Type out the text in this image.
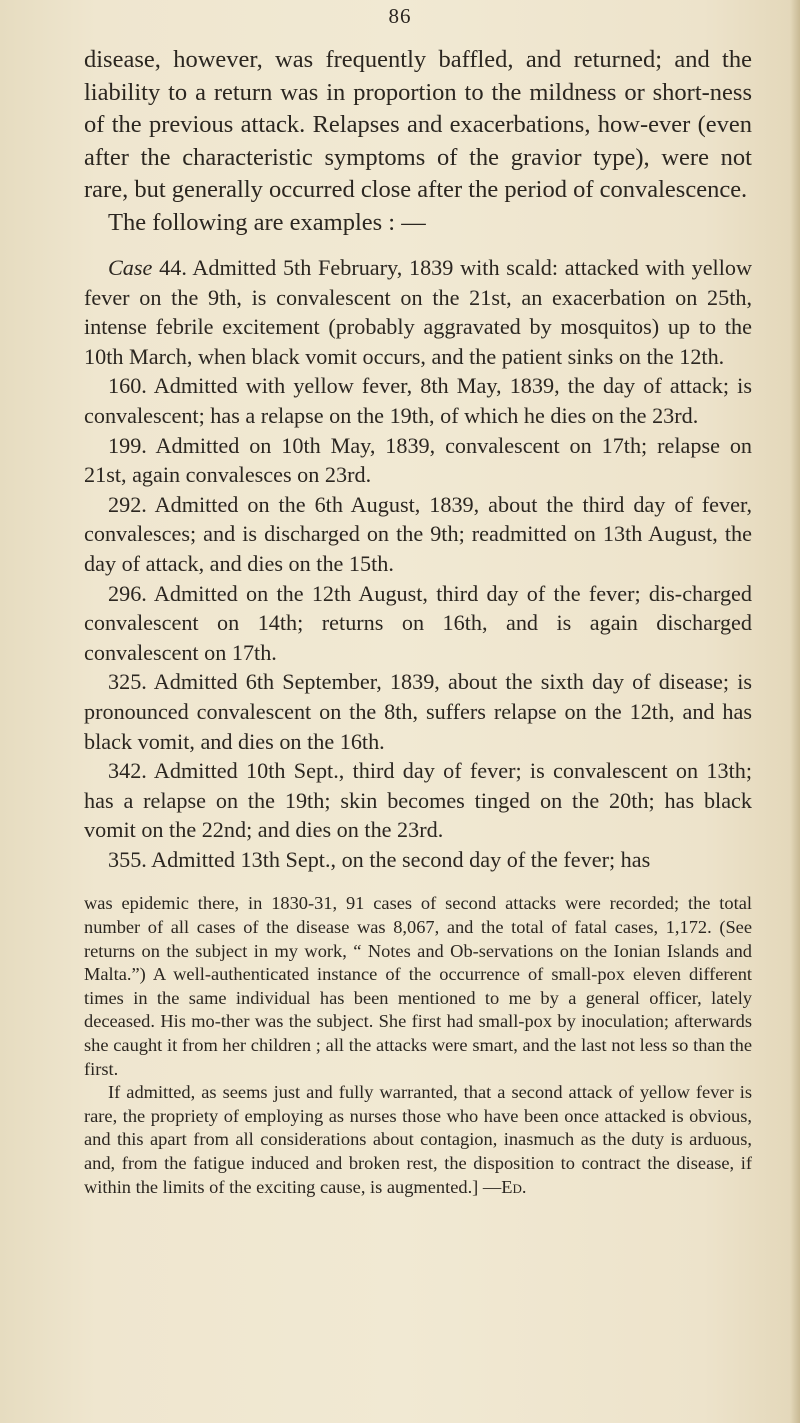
86

disease, however, was frequently baffled, and returned; and the liability to a return was in proportion to the mildness or short-ness of the previous attack. Relapses and exacerbations, how-ever (even after the characteristic symptoms of the gravior type), were not rare, but generally occurred close after the period of convalescence.

The following are examples : —

Case 44. Admitted 5th February, 1839 with scald: attacked with yellow fever on the 9th, is convalescent on the 21st, an exacerbation on 25th, intense febrile excitement (probably aggravated by mosquitos) up to the 10th March, when black vomit occurs, and the patient sinks on the 12th.

160. Admitted with yellow fever, 8th May, 1839, the day of attack; is convalescent; has a relapse on the 19th, of which he dies on the 23rd.

199. Admitted on 10th May, 1839, convalescent on 17th; relapse on 21st, again convalesces on 23rd.

292. Admitted on the 6th August, 1839, about the third day of fever, convalesces; and is discharged on the 9th; readmitted on 13th August, the day of attack, and dies on the 15th.

296. Admitted on the 12th August, third day of the fever; dis-charged convalescent on 14th; returns on 16th, and is again discharged convalescent on 17th.

325. Admitted 6th September, 1839, about the sixth day of disease; is pronounced convalescent on the 8th, suffers relapse on the 12th, and has black vomit, and dies on the 16th.

342. Admitted 10th Sept., third day of fever; is convalescent on 13th; has a relapse on the 19th; skin becomes tinged on the 20th; has black vomit on the 22nd; and dies on the 23rd.

355. Admitted 13th Sept., on the second day of the fever; has

was epidemic there, in 1830-31, 91 cases of second attacks were recorded; the total number of all cases of the disease was 8,067, and the total of fatal cases, 1,172. (See returns on the subject in my work, “ Notes and Ob-servations on the Ionian Islands and Malta.”) A well-authenticated instance of the occurrence of small-pox eleven different times in the same individual has been mentioned to me by a general officer, lately deceased. His mo-ther was the subject. She first had small-pox by inoculation; afterwards she caught it from her children ; all the attacks were smart, and the last not less so than the first.

If admitted, as seems just and fully warranted, that a second attack of yellow fever is rare, the propriety of employing as nurses those who have been once attacked is obvious, and this apart from all considerations about contagion, inasmuch as the duty is arduous, and, from the fatigue induced and broken rest, the disposition to contract the disease, if within the limits of the exciting cause, is augmented.] —Ed.
